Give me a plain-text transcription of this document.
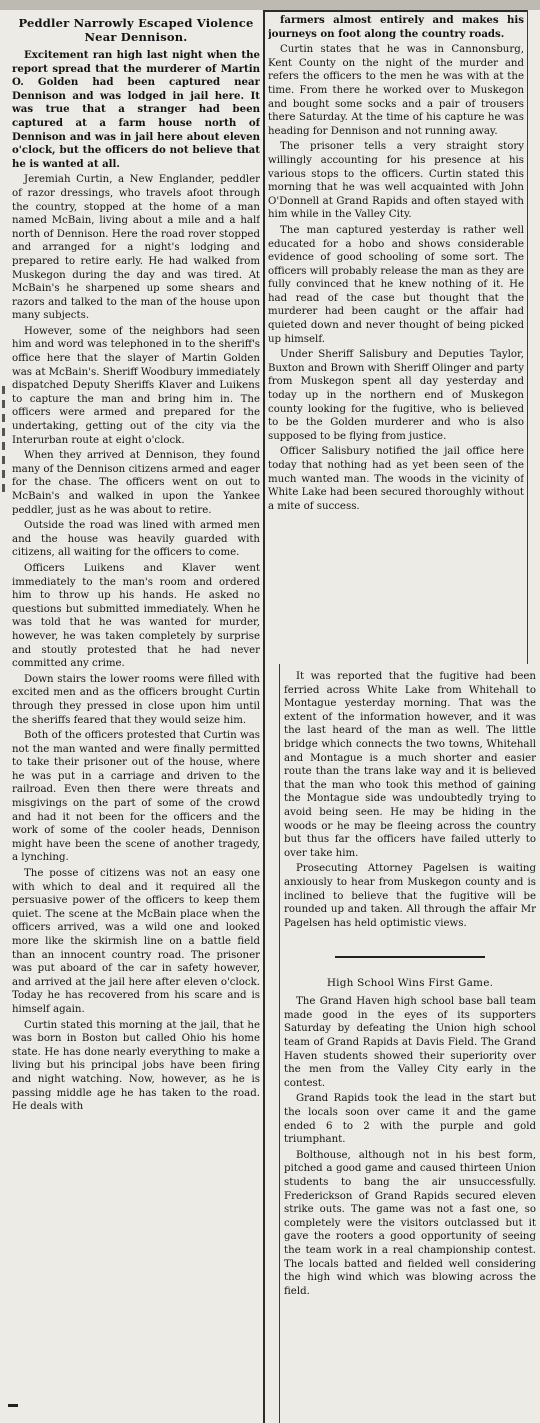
Peddler Narrowly Escaped Violence Near Dennison.

Excitement ran high last night when the report spread that the murderer of Martin O. Golden had been captured near Dennison and was lodged in jail here. It was true that a stranger had been captured at a farm house north of Dennison and was in jail here about eleven o'clock, but the officers do not believe that he is wanted at all.

Jeremiah Curtin, a New Englander, peddler of razor dressings, who travels afoot through the country, stopped at the home of a man named McBain, living about a mile and a half north of Dennison. Here the road rover stopped and arranged for a night's lodging and prepared to retire early. He had walked from Muskegon during the day and was tired. At McBain's he sharpened up some shears and razors and talked to the man of the house upon many subjects.

However, some of the neighbors had seen him and word was telephoned in to the sheriff's office here that the slayer of Martin Golden was at McBain's. Sheriff Woodbury immediately dispatched Deputy Sheriffs Klaver and Luikens to capture the man and bring him in. The officers were armed and prepared for the undertaking, getting out of the city via the Interurban route at eight o'clock.

When they arrived at Dennison, they found many of the Dennison citizens armed and eager for the chase. The officers went on out to McBain's and walked in upon the Yankee peddler, just as he was about to retire.

Outside the road was lined with armed men and the house was heavily guarded with citizens, all waiting for the officers to come.

Officers Luikens and Klaver went immediately to the man's room and ordered him to throw up his hands. He asked no questions but submitted immediately. When he was told that he was wanted for murder, however, he was taken completely by surprise and stoutly protested that he had never committed any crime.

Down stairs the lower rooms were filled with excited men and as the officers brought Curtin through they pressed in close upon him until the sheriffs feared that they would seize him.

Both of the officers protested that Curtin was not the man wanted and were finally permitted to take their prisoner out of the house, where he was put in a carriage and driven to the railroad. Even then there were threats and misgivings on the part of some of the crowd and had it not been for the officers and the work of some of the cooler heads, Dennison might have been the scene of another tragedy, a lynching.

The posse of citizens was not an easy one with which to deal and it required all the persuasive power of the officers to keep them quiet. The scene at the McBain place when the officers arrived, was a wild one and looked more like the skirmish line on a battle field than an innocent country road. The prisoner was put aboard of the car in safety however, and arrived at the jail here after eleven o'clock. Today he has recovered from his scare and is himself again.

Curtin stated this morning at the jail, that he was born in Boston but called Ohio his home state. He has done nearly everything to make a living but his principal jobs have been firing and night watching. Now, however, as he is passing middle age he has taken to the road. He deals with

farmers almost entirely and makes his journeys on foot along the country roads.

Curtin states that he was in Cannonsburg, Kent County on the night of the murder and refers the officers to the men he was with at the time. From there he worked over to Muskegon and bought some socks and a pair of trousers there Saturday. At the time of his capture he was heading for Dennison and not running away.

The prisoner tells a very straight story willingly accounting for his presence at his various stops to the officers. Curtin stated this morning that he was well acquainted with John O'Donnell at Grand Rapids and often stayed with him while in the Valley City.

The man captured yesterday is rather well educated for a hobo and shows considerable evidence of good schooling of some sort. The officers will probably release the man as they are fully convinced that he knew nothing of it. He had read of the case but thought that the murderer had been caught or the affair had quieted down and never thought of being picked up himself.

Under Sheriff Salisbury and Deputies Taylor, Buxton and Brown with Sheriff Olinger and party from Muskegon spent all day yesterday and today up in the northern end of Muskegon county looking for the fugitive, who is believed to be the Golden murderer and who is also supposed to be flying from justice.

Officer Salisbury notified the jail office here today that nothing had as yet been seen of the much wanted man. The woods in the vicinity of White Lake had been secured thoroughly without a mite of success.

It was reported that the fugitive had been ferried across White Lake from Whitehall to Montague yesterday morning. That was the extent of the information however, and it was the last heard of the man as well. The little bridge which connects the two towns, Whitehall and Montague is a much shorter and easier route than the trans lake way and it is believed that the man who took this method of gaining the Montague side was undoubtedly trying to avoid being seen. He may be hiding in the woods or he may be fleeing across the country but thus far the officers have failed utterly to over take him.

Prosecuting Attorney Pagelsen is waiting anxiously to hear from Muskegon county and is inclined to believe that the fugitive will be rounded up and taken. All through the affair Mr Pagelsen has held optimistic views.

High School Wins First Game.

The Grand Haven high school base ball team made good in the eyes of its supporters Saturday by defeating the Union high school team of Grand Rapids at Davis Field. The Grand Haven students showed their superiority over the men from the Valley City early in the contest.

Grand Rapids took the lead in the start but the locals soon over came it and the game ended 6 to 2 with the purple and gold triumphant.

Bolthouse, although not in his best form, pitched a good game and caused thirteen Union students to bang the air unsuccessfully. Frederickson of Grand Rapids secured eleven strike outs. The game was not a fast one, so completely were the visitors outclassed but it gave the rooters a good opportunity of seeing the team work in a real championship contest. The locals batted and fielded well considering the high wind which was blowing across the field.
